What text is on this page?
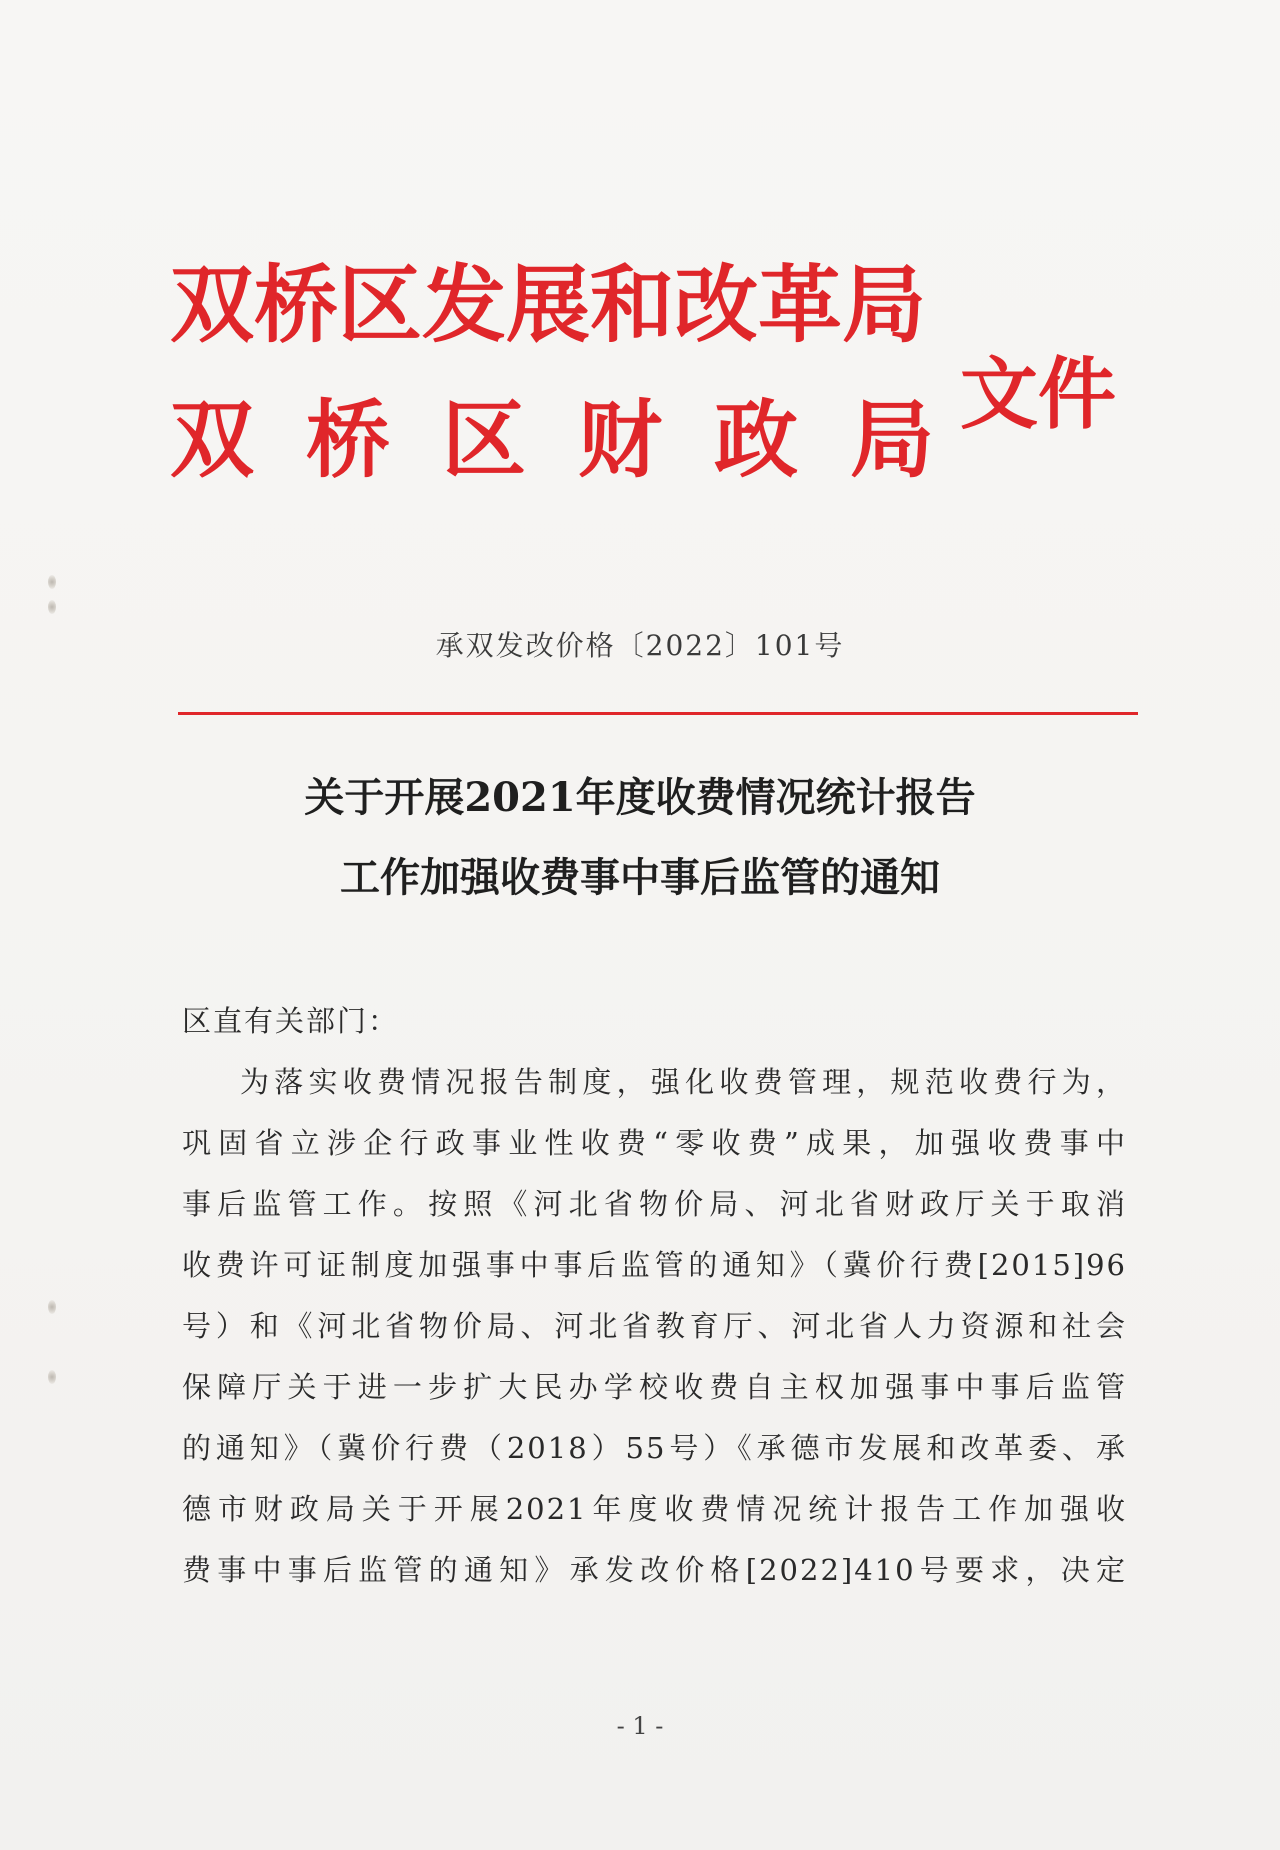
双桥区发展和改革局
双桥区财政局
文件
承双发改价格〔2022〕101号
关于开展2021年度收费情况统计报告
工作加强收费事中事后监管的通知
区直有关部门：
为落实收费情况报告制度，强化收费管理，规范收费行为，
巩固省立涉企行政事业性收费“零收费”成果，加强收费事中
事后监管工作。按照《河北省物价局、河北省财政厅关于取消
收费许可证制度加强事中事后监管的通知》（冀价行费[2015]96
号）和《河北省物价局、河北省教育厅、河北省人力资源和社会
保障厅关于进一步扩大民办学校收费自主权加强事中事后监管
的通知》（冀价行费（2018）55号）《承德市发展和改革委、承
德市财政局关于开展2021年度收费情况统计报告工作加强收
费事中事后监管的通知》承发改价格[2022]410号要求，决定
- 1 -
